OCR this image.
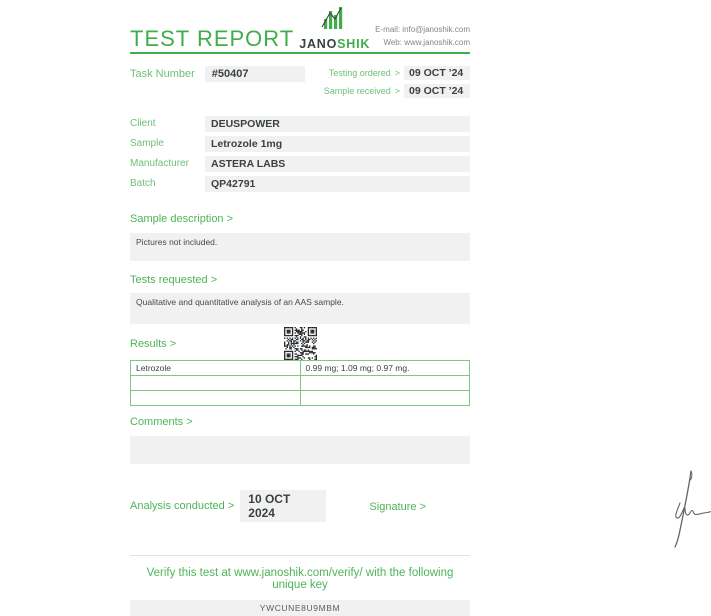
TEST REPORT JANOSHIK
E-mail: info@janoshik.com
Web: www.janoshik.com
Task Number	#50407	Testing ordered > 09 OCT ’24
Sample received > 09 OCT ’24
Client	DEUSPOWER
Sample	Letrozole 1mg
Manufacturer	ASTERA LABS
Batch	QP42791
Sample description >
Pictures not included.
Tests requested >
Qualitative and quantitative analysis of an AAS sample.
Results >
Letrozole	0.99 mg; 1.09 mg; 0.97 mg.

Comments >
Analysis conducted >	10 OCT 2024	Signature >
Verify this test at www.janoshik.com/verify/ with the following unique key
YWCUNE8U9MBM
